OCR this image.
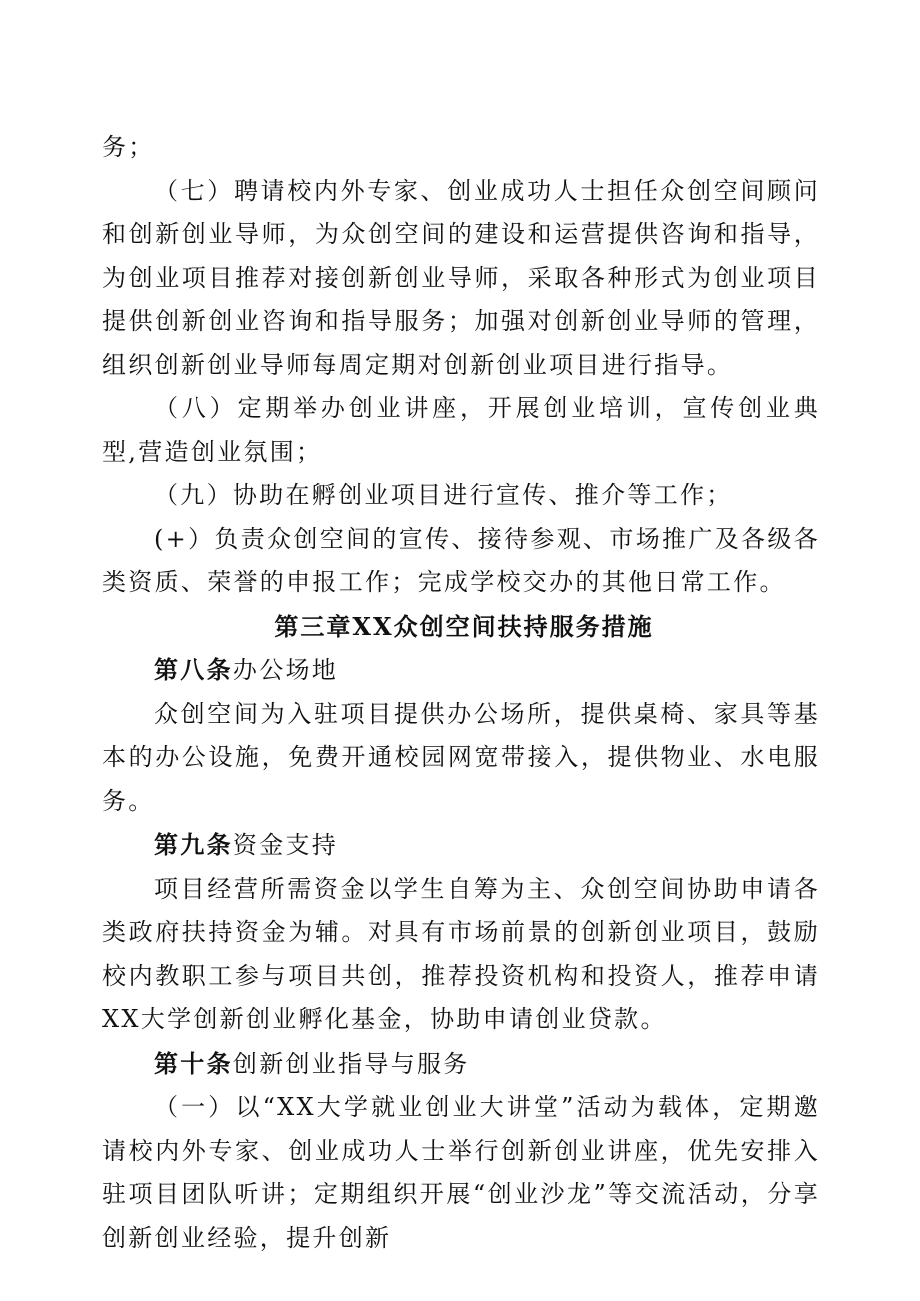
务；

（七）聘请校内外专家、创业成功人士担任众创空间顾问和创新创业导师，为众创空间的建设和运营提供咨询和指导，为创业项目推荐对接创新创业导师，采取各种形式为创业项目提供创新创业咨询和指导服务；加强对创新创业导师的管理，组织创新创业导师每周定期对创新创业项目进行指导。

（八）定期举办创业讲座，开展创业培训，宣传创业典型,营造创业氛围；

（九）协助在孵创业项目进行宣传、推介等工作；

(+）负责众创空间的宣传、接待参观、市场推广及各级各类资质、荣誉的申报工作；完成学校交办的其他日常工作。

第三章XX众创空间扶持服务措施

第八条办公场地

众创空间为入驻项目提供办公场所，提供桌椅、家具等基本的办公设施，免费开通校园网宽带接入，提供物业、水电服务。

第九条资金支持

项目经营所需资金以学生自筹为主、众创空间协助申请各类政府扶持资金为辅。对具有市场前景的创新创业项目，鼓励校内教职工参与项目共创，推荐投资机构和投资人，推荐申请XX大学创新创业孵化基金，协助申请创业贷款。

第十条创新创业指导与服务

（一）以“XX大学就业创业大讲堂”活动为载体，定期邀请校内外专家、创业成功人士举行创新创业讲座，优先安排入驻项目团队听讲；定期组织开展“创业沙龙”等交流活动，分享创新创业经验，提升创新
